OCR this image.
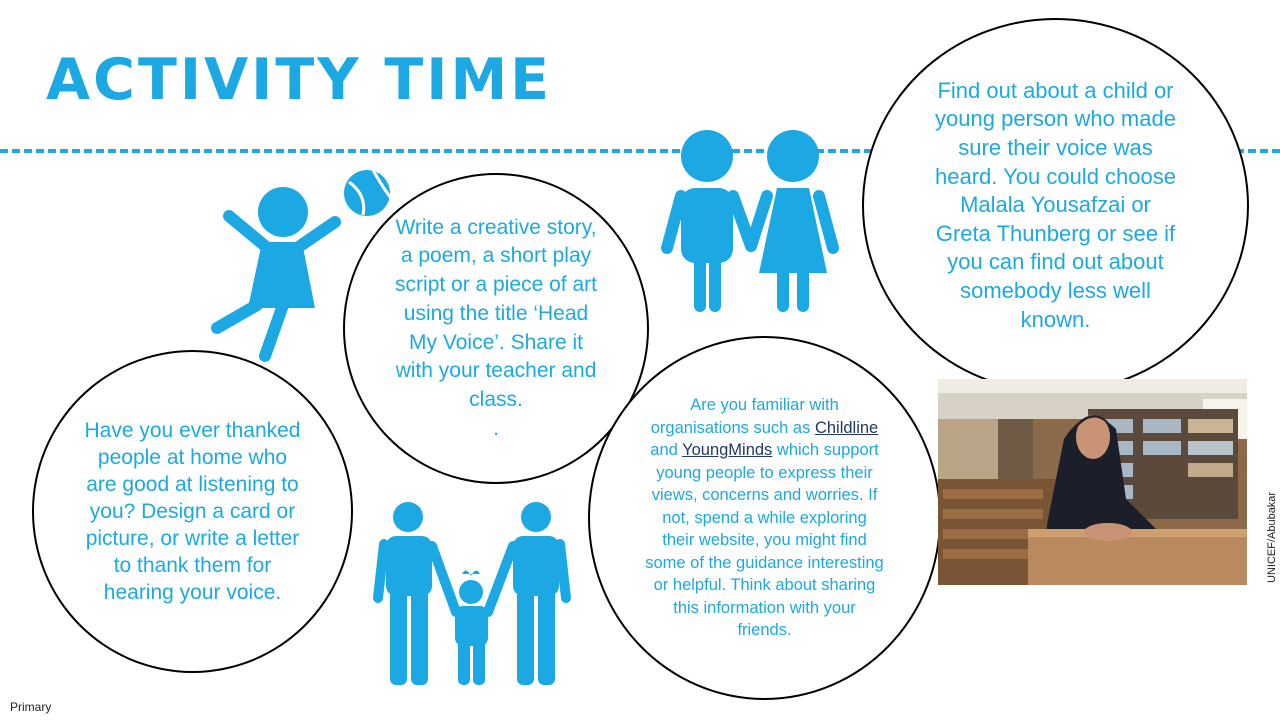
ACTIVITY TIME

Write a creative story, a poem, a short play script or a piece of art using the title ‘Head My Voice’. Share it with your teacher and class.
.

Find out about a child or young person who made sure their voice was heard. You could choose Malala Yousafzai or Greta Thunberg or see if you can find out about somebody less well known.

Have you ever thanked people at home who are good at listening to you? Design a card or picture, or write a letter to thank them for hearing your voice.

Are you familiar with organisations such as Childline and YoungMinds which support young people to express their views, concerns and worries. If not, spend a while exploring their website, you might find some of the guidance interesting or helpful. Think about sharing this information with your friends.

UNICEF/Abubakar
Primary
